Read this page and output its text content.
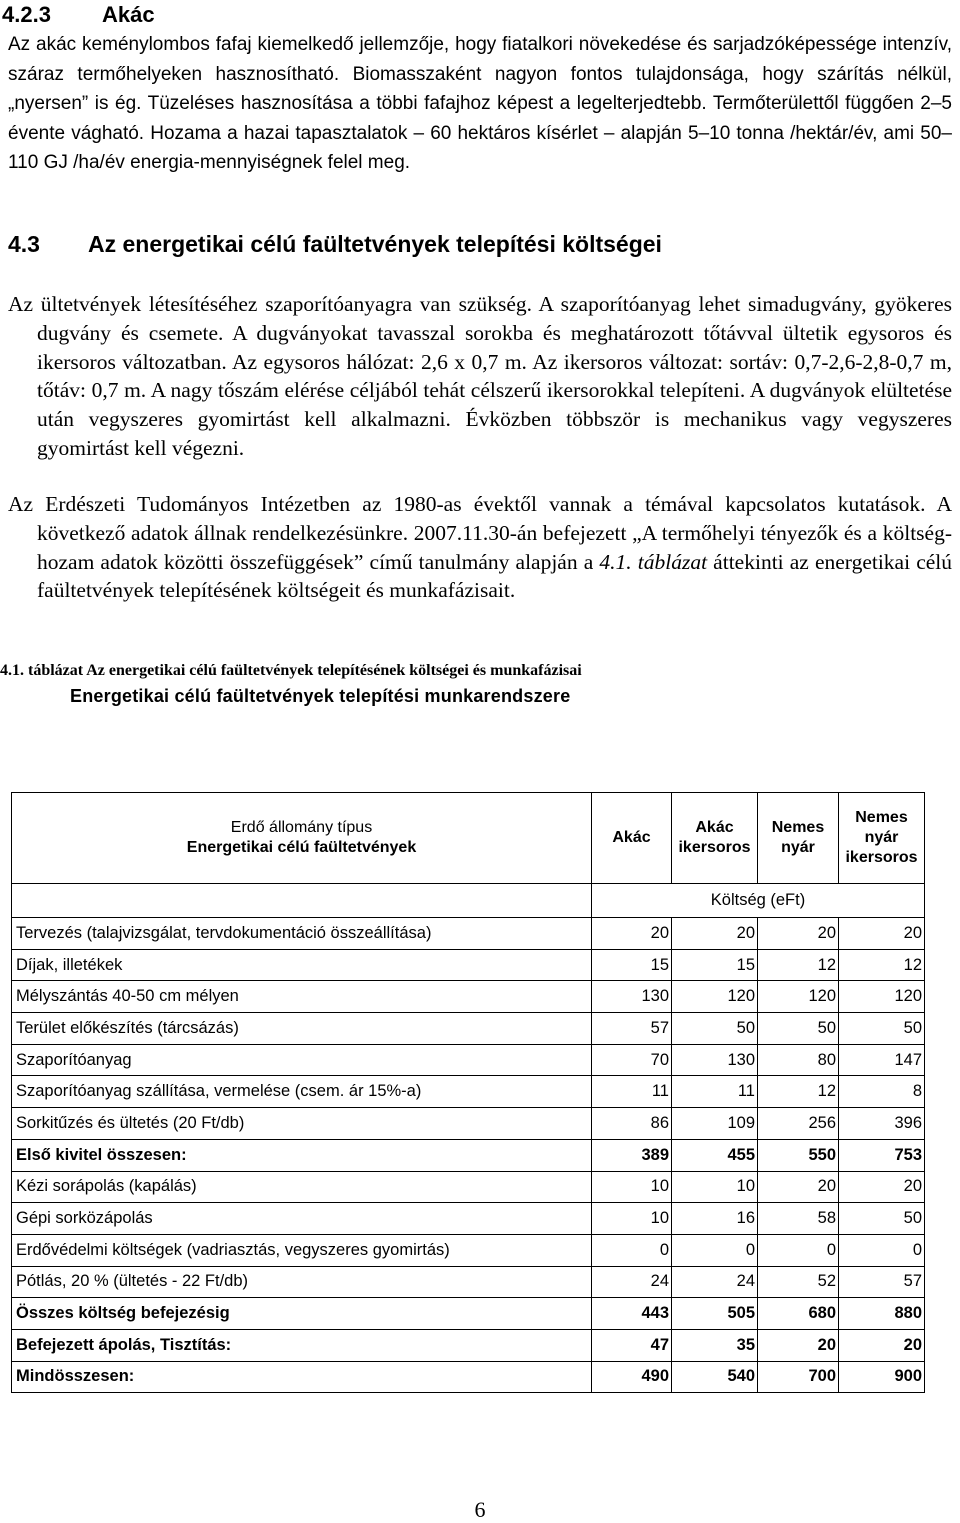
4.2.3 Akác
Az akác keménylombos fafaj kiemelkedő jellemzője, hogy fiatalkori növekedése és sarjadzóképessége intenzív, száraz termőhelyeken hasznosítható. Biomasszaként nagyon fontos tulajdonsága, hogy szárítás nélkül, „nyersen” is ég. Tüzeléses hasznosítása a többi fafajhoz képest a legelterjedtebb. Termőterülettől függően 2–5 évente vágható. Hozama a hazai tapasztalatok – 60 hektáros kísérlet – alapján 5–10 tonna /hektár/év, ami 50–110 GJ /ha/év energia-mennyiségnek felel meg.
4.3 Az energetikai célú faültetvények telepítési költségei
Az ültetvények létesítéséhez szaporítóanyagra van szükség. A szaporítóanyag lehet simadugvány, gyökeres dugvány és csemete. A dugványokat tavasszal sorokba és meghatározott tőtávval ültetik egysoros és ikersoros változatban. Az egysoros hálózat: 2,6 x 0,7 m. Az ikersoros változat: sortáv: 0,7-2,6-2,8-0,7 m, tőtáv: 0,7 m. A nagy tőszám elérése céljából tehát célszerű ikersorokkal telepíteni. A dugványok elültetése után vegyszeres gyomirtást kell alkalmazni. Évközben többször is mechanikus vagy vegyszeres gyomirtást kell végezni.
Az Erdészeti Tudományos Intézetben az 1980-as évektől vannak a témával kapcsolatos kutatások. A következő adatok állnak rendelkezésünkre. 2007.11.30-án befejezett „A termőhelyi tényezők és a költség-hozam adatok közötti összefüggések” című tanulmány alapján a 4.1. táblázat áttekinti az energetikai célú faültetvények telepítésének költségeit és munkafázisait.
4.1. táblázat Az energetikai célú faültetvények telepítésének költségei és munkafázisai
Energetikai célú faültetvények telepítési munkarendszere
Erdő állomány típus
Energetikai célú faültetvények	Akác	Akác ikersoros	Nemes nyár	Nemes nyár ikersoros
	Költség (eFt)			
Tervezés (talajvizsgálat, tervdokumentáció összeállítása)	20	20	20	20
Díjak, illetékek	15	15	12	12
Mélyszántás 40-50 cm mélyen	130	120	120	120
Terület előkészítés (tárcsázás)	57	50	50	50
Szaporítóanyag	70	130	80	147
Szaporítóanyag szállítása, vermelése (csem. ár 15%-a)	11	11	12	8
Sorkitűzés és ültetés (20 Ft/db)	86	109	256	396
Első kivitel összesen:	389	455	550	753
Kézi sorápolás (kapálás)	10	10	20	20
Gépi sorközápolás	10	16	58	50
Erdővédelmi költségek (vadriasztás, vegyszeres gyomirtás)	0	0	0	0
Pótlás, 20 % (ültetés - 22 Ft/db)	24	24	52	57
Összes költség befejezésig	443	505	680	880
Befejezett ápolás, Tisztítás:	47	35	20	20
Mindösszesen:	490	540	700	900
6
